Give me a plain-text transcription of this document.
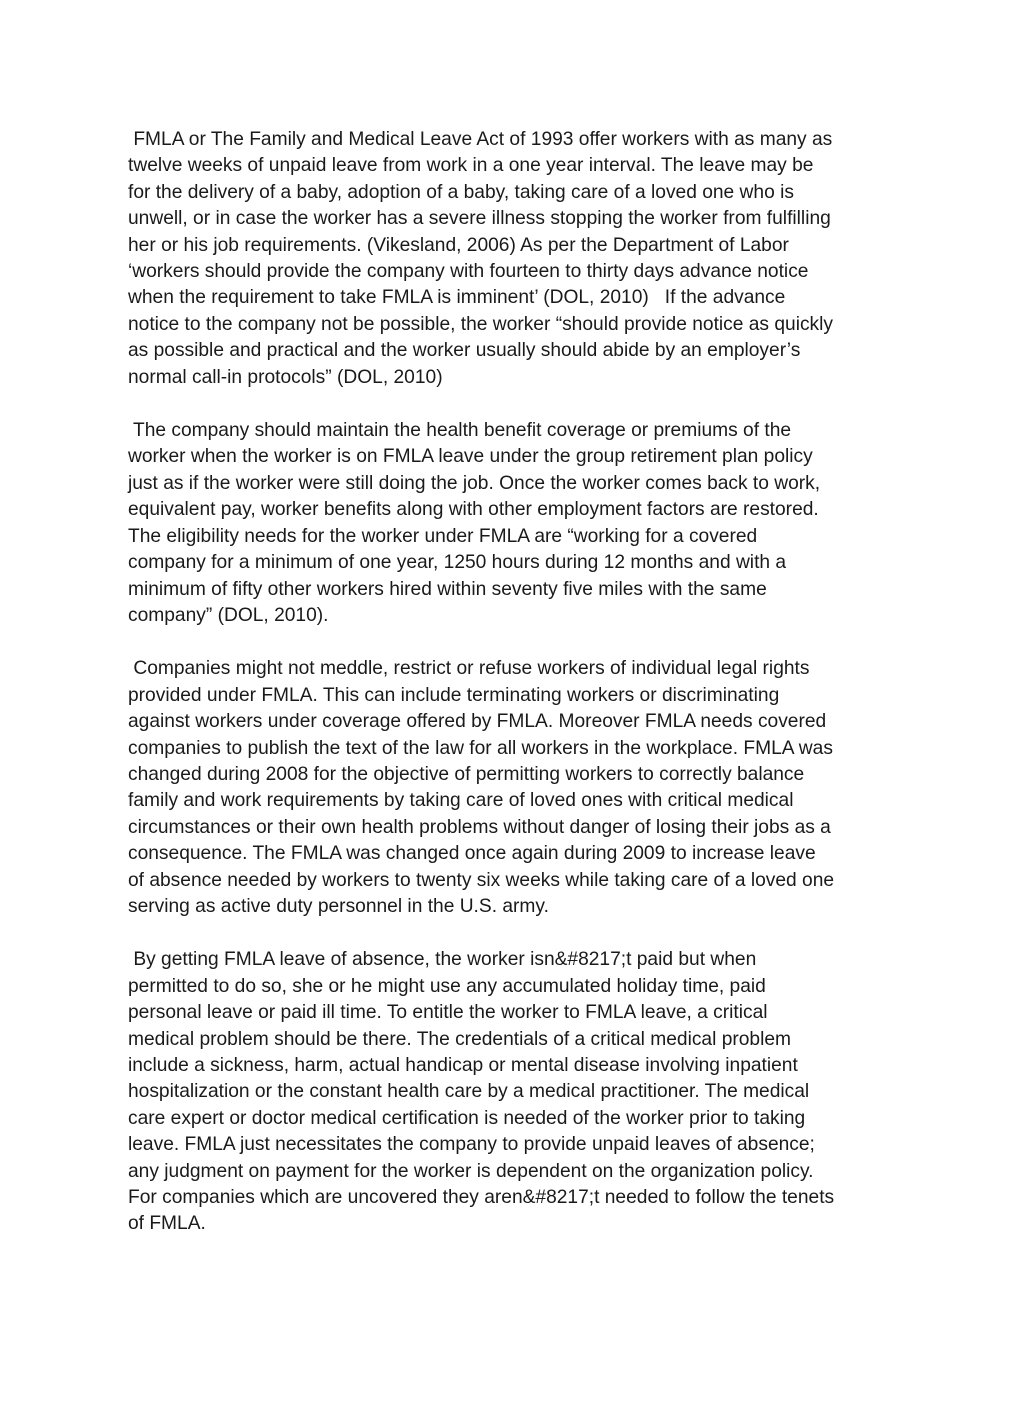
FMLA or The Family and Medical Leave Act of 1993 offer workers with as many as
twelve weeks of unpaid leave from work in a one year interval. The leave may be
for the delivery of a baby, adoption of a baby, taking care of a loved one who is
unwell, or in case the worker has a severe illness stopping the worker from fulfilling
her or his job requirements. (Vikesland, 2006) As per the Department of Labor
‘workers should provide the company with fourteen to thirty days advance notice
when the requirement to take FMLA is imminent’ (DOL, 2010)   If the advance
notice to the company not be possible, the worker “should provide notice as quickly
as possible and practical and the worker usually should abide by an employer’s
normal call-in protocols” (DOL, 2010)

The company should maintain the health benefit coverage or premiums of the
worker when the worker is on FMLA leave under the group retirement plan policy
just as if the worker were still doing the job. Once the worker comes back to work,
equivalent pay, worker benefits along with other employment factors are restored.
The eligibility needs for the worker under FMLA are “working for a covered
company for a minimum of one year, 1250 hours during 12 months and with a
minimum of fifty other workers hired within seventy five miles with the same
company” (DOL, 2010).

Companies might not meddle, restrict or refuse workers of individual legal rights
provided under FMLA. This can include terminating workers or discriminating
against workers under coverage offered by FMLA. Moreover FMLA needs covered
companies to publish the text of the law for all workers in the workplace. FMLA was
changed during 2008 for the objective of permitting workers to correctly balance
family and work requirements by taking care of loved ones with critical medical
circumstances or their own health problems without danger of losing their jobs as a
consequence. The FMLA was changed once again during 2009 to increase leave
of absence needed by workers to twenty six weeks while taking care of a loved one
serving as active duty personnel in the U.S. army.

By getting FMLA leave of absence, the worker isn&#8217;t paid but when
permitted to do so, she or he might use any accumulated holiday time, paid
personal leave or paid ill time. To entitle the worker to FMLA leave, a critical
medical problem should be there. The credentials of a critical medical problem
include a sickness, harm, actual handicap or mental disease involving inpatient
hospitalization or the constant health care by a medical practitioner. The medical
care expert or doctor medical certification is needed of the worker prior to taking
leave. FMLA just necessitates the company to provide unpaid leaves of absence;
any judgment on payment for the worker is dependent on the organization policy.
For companies which are uncovered they aren&#8217;t needed to follow the tenets
of FMLA.
